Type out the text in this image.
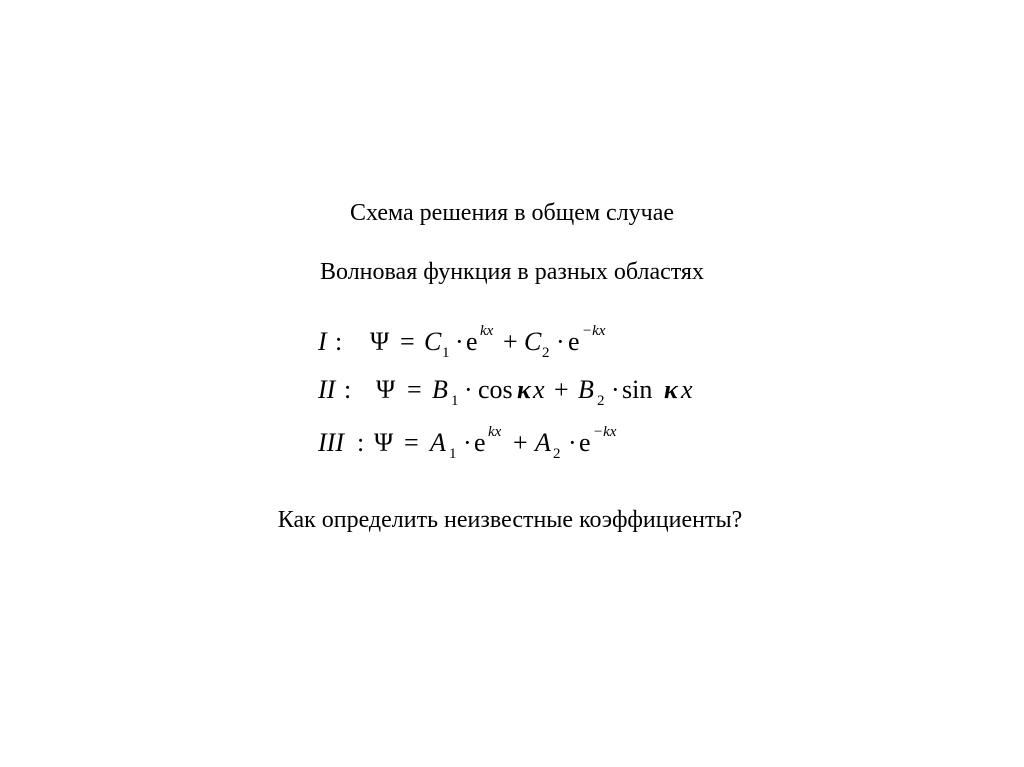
Схема решения в общем случае
Волновая функция в разных областях
I : Ψ = C 1 · e kx + C 2 · e −kx
II : Ψ = B 1 · cos κ x + B 2 · sin κ x
III : Ψ = A 1 · e kx + A 2 · e −kx
Как определить неизвестные коэффициенты?
